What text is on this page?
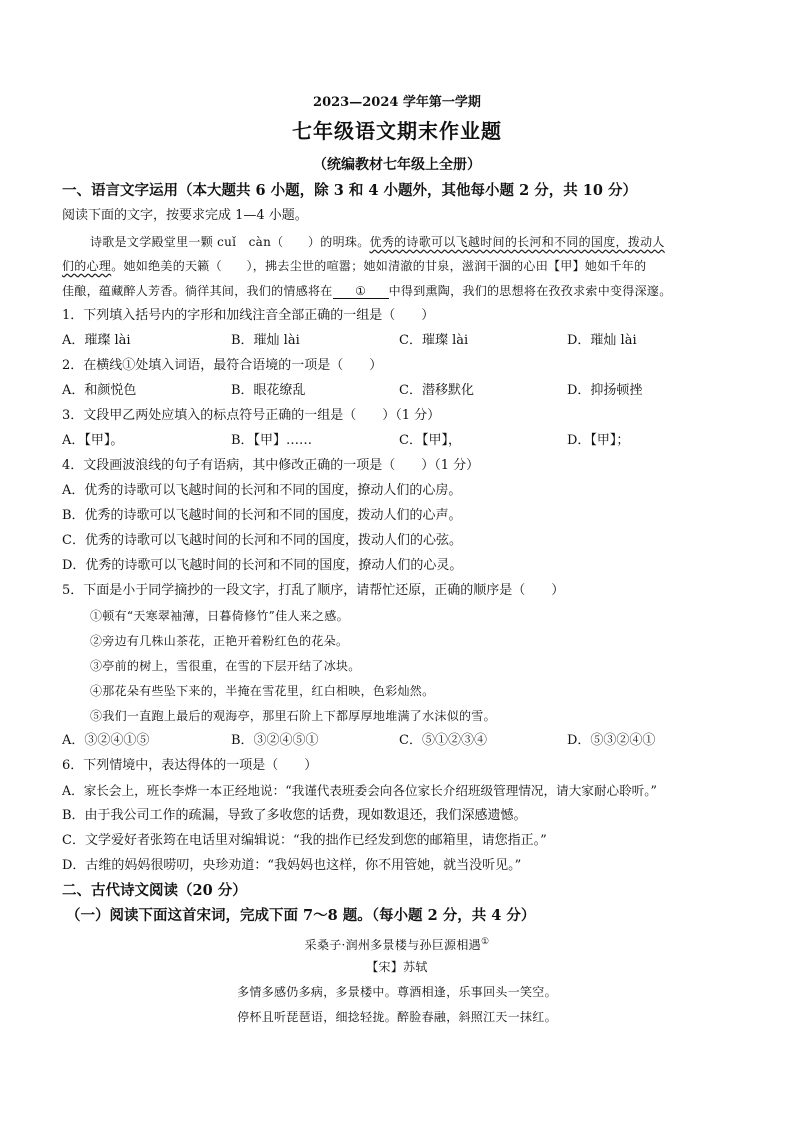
2023—2024 学年第一学期
七年级语文期末作业题
（统编教材七年级上全册）
一、语言文字运用（本大题共 6 小题，除 3 和 4 小题外，其他每小题 2 分，共 10 分）
阅读下面的文字，按要求完成 1—4 小题。
诗歌是文学殿堂里一颗 cuǐ　càn（　　）的明珠。优秀的诗歌可以飞越时间的长河和不同的国度，拨动人
们的心理。她如绝美的天籁（　　），拂去尘世的喧嚣；她如清澈的甘泉，滋润干涸的心田【甲】她如千年的
佳酿，蕴藏醉人芳香。徜徉其间，我们的情感将在 ① 中得到熏陶，我们的思想将在孜孜求索中变得深邃。
1．下列填入括号内的字形和加线注音全部正确的一组是（　　）
A．璀璨 lài	B．璀灿 lài	C．璀璨 lài	D．璀灿 lài
2．在横线①处填入词语，最符合语境的一项是（　　）
A．和颜悦色	B．眼花缭乱	C．潜移默化	D．抑扬顿挫
3．文段甲乙两处应填入的标点符号正确的一组是（　　）（1 分）
A．【甲】。	B．【甲】……	C．【甲】，	D．【甲】；
4．文段画波浪线的句子有语病，其中修改正确的一项是（　　）（1 分）
A．优秀的诗歌可以飞越时间的长河和不同的国度，撩动人们的心房。
B．优秀的诗歌可以飞越时间的长河和不同的国度，拨动人们的心声。
C．优秀的诗歌可以飞越时间的长河和不同的国度，拨动人们的心弦。
D．优秀的诗歌可以飞越时间的长河和不同的国度，撩动人们的心灵。
5．下面是小于同学摘抄的一段文字，打乱了顺序，请帮忙还原，正确的顺序是（　　）
①顿有“天寒翠袖薄，日暮倚修竹”佳人来之感。
②旁边有几株山茶花，正艳开着粉红色的花朵。
③亭前的树上，雪很重，在雪的下层开结了冰块。
④那花朵有些坠下来的，半掩在雪花里，红白相映，色彩灿然。
⑤我们一直跑上最后的观海亭，那里石阶上下都厚厚地堆满了水沫似的雪。
A．③②④①⑤	B．③②④⑤①	C．⑤①②③④	D．⑤③②④①
6．下列情境中，表达得体的一项是（　　）
A．家长会上，班长李烨一本正经地说：“我谨代表班委会向各位家长介绍班级管理情况，请大家耐心聆听。”
B．由于我公司工作的疏漏，导致了多收您的话费，现如数退还，我们深感遗憾。
C．文学爱好者张筠在电话里对编辑说：“我的拙作已经发到您的邮箱里，请您指正。”
D．古维的妈妈很唠叨，央珍劝道：“我妈妈也这样，你不用管她，就当没听见。”
二、古代诗文阅读（20 分）
（一）阅读下面这首宋词，完成下面 7～8 题。（每小题 2 分，共 4 分）
采桑子·润州多景楼与孙巨源相遇①
【宋】苏轼
多情多感仍多病，多景楼中。尊酒相逢，乐事回头一笑空。
停杯且听琵琶语，细捻轻拢。醉脸春融，斜照江天一抹红。
